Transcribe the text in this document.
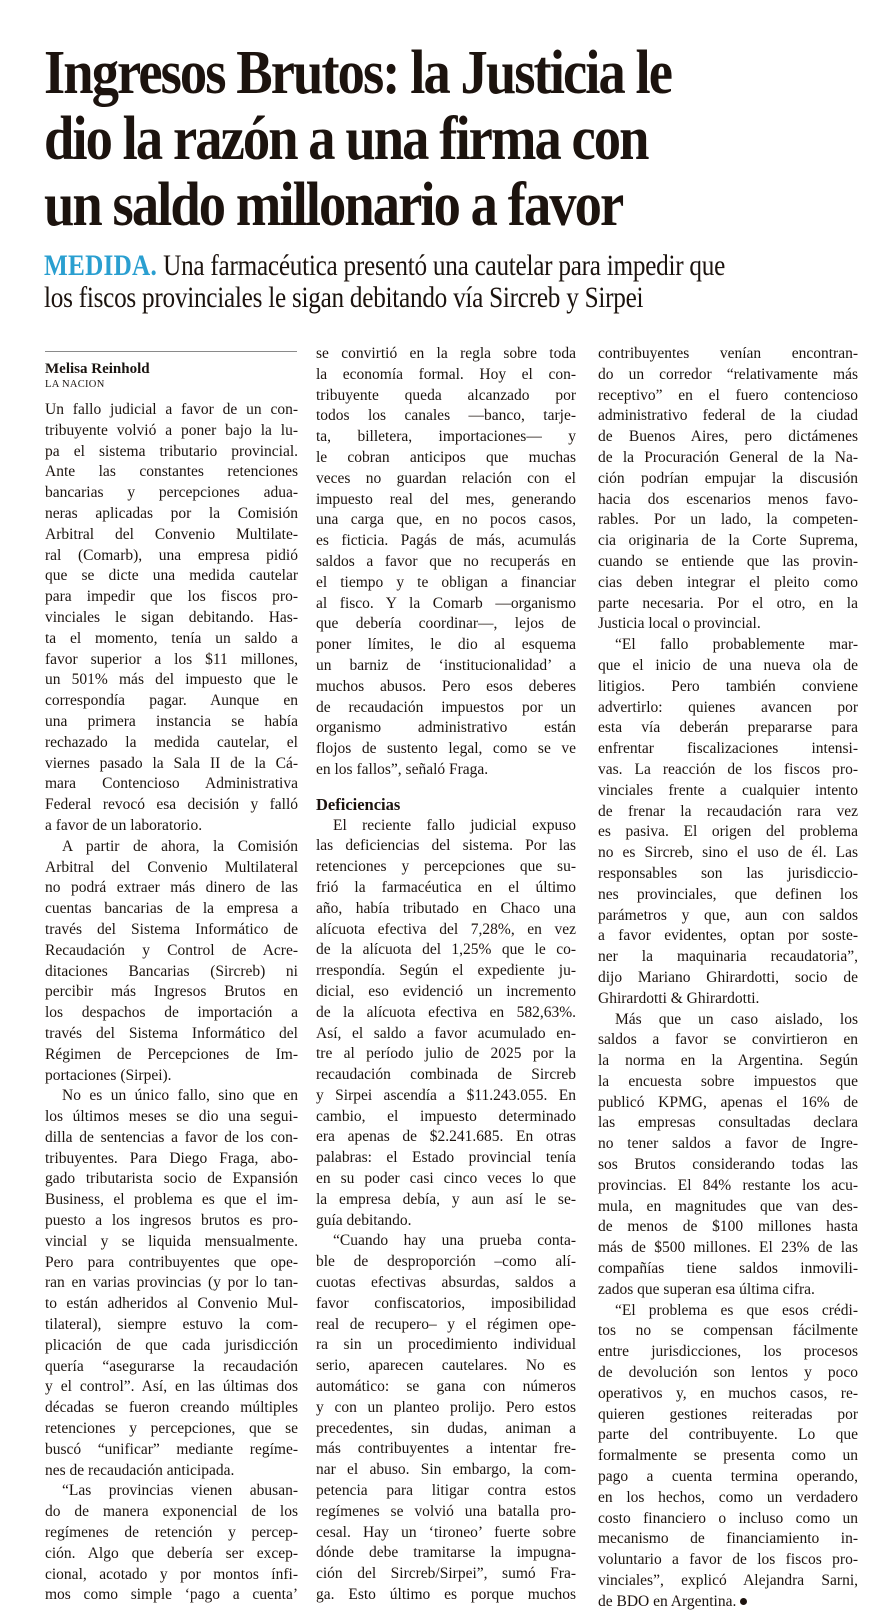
Ingresos Brutos: la Justicia le
dio la razón a una firma con
un saldo millonario a favor
MEDIDA. Una farmacéutica presentó una cautelar para impedir que
los fiscos provinciales le sigan debitando vía Sircreb y Sirpei
Melisa Reinhold
LA NACION
Un fallo judicial a favor de un con-
tribuyente volvió a poner bajo la lu-
pa el sistema tributario provincial.
Ante las constantes retenciones
bancarias y percepciones adua-
neras aplicadas por la Comisión
Arbitral del Convenio Multilate-
ral (Comarb), una empresa pidió
que se dicte una medida cautelar
para impedir que los fiscos pro-
vinciales le sigan debitando. Has-
ta el momento, tenía un saldo a
favor superior a los $11 millones,
un 501% más del impuesto que le
correspondía pagar. Aunque en
una primera instancia se había
rechazado la medida cautelar, el
viernes pasado la Sala II de la Cá-
mara Contencioso Administrativa
Federal revocó esa decisión y falló
a favor de un laboratorio.
A partir de ahora, la Comisión
Arbitral del Convenio Multilateral
no podrá extraer más dinero de las
cuentas bancarias de la empresa a
través del Sistema Informático de
Recaudación y Control de Acre-
ditaciones Bancarias (Sircreb) ni
percibir más Ingresos Brutos en
los despachos de importación a
través del Sistema Informático del
Régimen de Percepciones de Im-
portaciones (Sirpei).
No es un único fallo, sino que en
los últimos meses se dio una segui-
dilla de sentencias a favor de los con-
tribuyentes. Para Diego Fraga, abo-
gado tributarista socio de Expansión
Business, el problema es que el im-
puesto a los ingresos brutos es pro-
vincial y se liquida mensualmente.
Pero para contribuyentes que ope-
ran en varias provincias (y por lo tan-
to están adheridos al Convenio Mul-
tilateral), siempre estuvo la com-
plicación de que cada jurisdicción
quería “asegurarse la recaudación
y el control”. Así, en las últimas dos
décadas se fueron creando múltiples
retenciones y percepciones, que se
buscó “unificar” mediante regíme-
nes de recaudación anticipada.
“Las provincias vienen abusan-
do de manera exponencial de los
regímenes de retención y percep-
ción. Algo que debería ser excep-
cional, acotado y por montos ínfi-
mos como simple ‘pago a cuenta’
se convirtió en la regla sobre toda
la economía formal. Hoy el con-
tribuyente queda alcanzado por
todos los canales —banco, tarje-
ta, billetera, importaciones— y
le cobran anticipos que muchas
veces no guardan relación con el
impuesto real del mes, generando
una carga que, en no pocos casos,
es ficticia. Pagás de más, acumulás
saldos a favor que no recuperás en
el tiempo y te obligan a financiar
al fisco. Y la Comarb —organismo
que debería coordinar—, lejos de
poner límites, le dio al esquema
un barniz de ‘institucionalidad’ a
muchos abusos. Pero esos deberes
de recaudación impuestos por un
organismo administrativo están
flojos de sustento legal, como se ve
en los fallos”, señaló Fraga.
Deficiencias
El reciente fallo judicial expuso
las deficiencias del sistema. Por las
retenciones y percepciones que su-
frió la farmacéutica en el último
año, había tributado en Chaco una
alícuota efectiva del 7,28%, en vez
de la alícuota del 1,25% que le co-
rrespondía. Según el expediente ju-
dicial, eso evidenció un incremento
de la alícuota efectiva en 582,63%.
Así, el saldo a favor acumulado en-
tre al período julio de 2025 por la
recaudación combinada de Sircreb
y Sirpei ascendía a $11.243.055. En
cambio, el impuesto determinado
era apenas de $2.241.685. En otras
palabras: el Estado provincial tenía
en su poder casi cinco veces lo que
la empresa debía, y aun así le se-
guía debitando.
“Cuando hay una prueba conta-
ble de desproporción –como alí-
cuotas efectivas absurdas, saldos a
favor confiscatorios, imposibilidad
real de recupero– y el régimen ope-
ra sin un procedimiento individual
serio, aparecen cautelares. No es
automático: se gana con números
y con un planteo prolijo. Pero estos
precedentes, sin dudas, animan a
más contribuyentes a intentar fre-
nar el abuso. Sin embargo, la com-
petencia para litigar contra estos
regímenes se volvió una batalla pro-
cesal. Hay un ‘tironeo’ fuerte sobre
dónde debe tramitarse la impugna-
ción del Sircreb/Sirpei”, sumó Fra-
ga. Esto último es porque muchos
contribuyentes venían encontran-
do un corredor “relativamente más
receptivo” en el fuero contencioso
administrativo federal de la ciudad
de Buenos Aires, pero dictámenes
de la Procuración General de la Na-
ción podrían empujar la discusión
hacia dos escenarios menos favo-
rables. Por un lado, la competen-
cia originaria de la Corte Suprema,
cuando se entiende que las provin-
cias deben integrar el pleito como
parte necesaria. Por el otro, en la
Justicia local o provincial.
“El fallo probablemente mar-
que el inicio de una nueva ola de
litigios. Pero también conviene
advertirlo: quienes avancen por
esta vía deberán prepararse para
enfrentar fiscalizaciones intensi-
vas. La reacción de los fiscos pro-
vinciales frente a cualquier intento
de frenar la recaudación rara vez
es pasiva. El origen del problema
no es Sircreb, sino el uso de él. Las
responsables son las jurisdiccio-
nes provinciales, que definen los
parámetros y que, aun con saldos
a favor evidentes, optan por soste-
ner la maquinaria recaudatoria”,
dijo Mariano Ghirardotti, socio de
Ghirardotti & Ghirardotti.
Más que un caso aislado, los
saldos a favor se convirtieron en
la norma en la Argentina. Según
la encuesta sobre impuestos que
publicó KPMG, apenas el 16% de
las empresas consultadas declara
no tener saldos a favor de Ingre-
sos Brutos considerando todas las
provincias. El 84% restante los acu-
mula, en magnitudes que van des-
de menos de $100 millones hasta
más de $500 millones. El 23% de las
compañías tiene saldos inmovili-
zados que superan esa última cifra.
“El problema es que esos crédi-
tos no se compensan fácilmente
entre jurisdicciones, los procesos
de devolución son lentos y poco
operativos y, en muchos casos, re-
quieren gestiones reiteradas por
parte del contribuyente. Lo que
formalmente se presenta como un
pago a cuenta termina operando,
en los hechos, como un verdadero
costo financiero o incluso como un
mecanismo de financiamiento in-
voluntario a favor de los fiscos pro-
vinciales”, explicó Alejandra Sarni,
de BDO en Argentina.
